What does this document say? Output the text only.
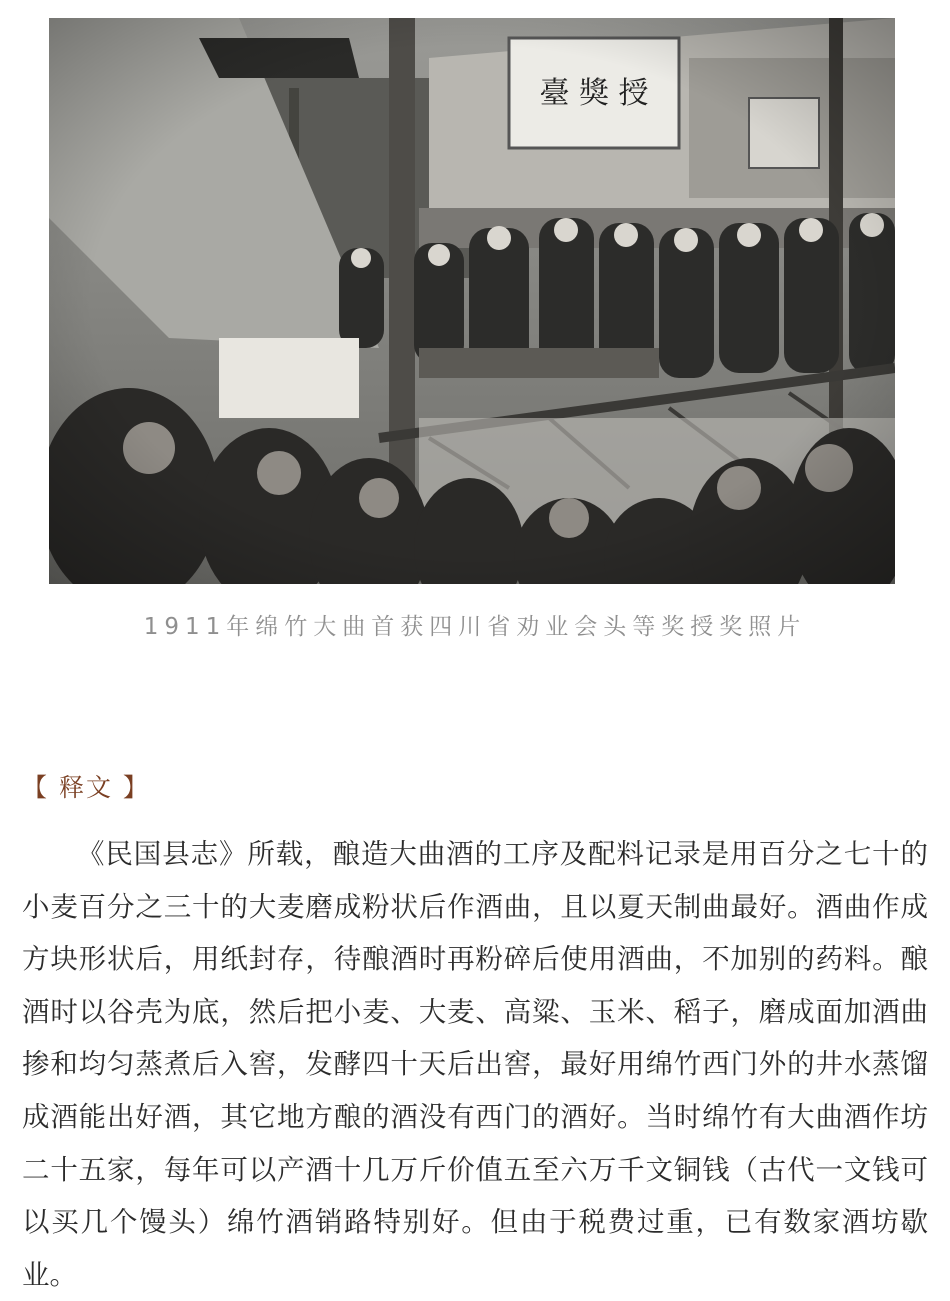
1911年绵竹大曲首获四川省劝业会头等奖授奖照片
【 释文 】
《民国县志》所载，酿造大曲酒的工序及配料记录是用百分之七十的小麦百分之三十的大麦磨成粉状后作酒曲，且以夏天制曲最好。酒曲作成方块形状后，用纸封存，待酿酒时再粉碎后使用酒曲，不加别的药料。酿酒时以谷壳为底，然后把小麦、大麦、高粱、玉米、稻子，磨成面加酒曲掺和均匀蒸煮后入窖，发酵四十天后出窖，最好用绵竹西门外的井水蒸馏成酒能出好酒，其它地方酿的酒没有西门的酒好。当时绵竹有大曲酒作坊二十五家，每年可以产酒十几万斤价值五至六万千文铜钱（古代一文钱可以买几个馒头）绵竹酒销路特别好。但由于税费过重，已有数家酒坊歇业。
